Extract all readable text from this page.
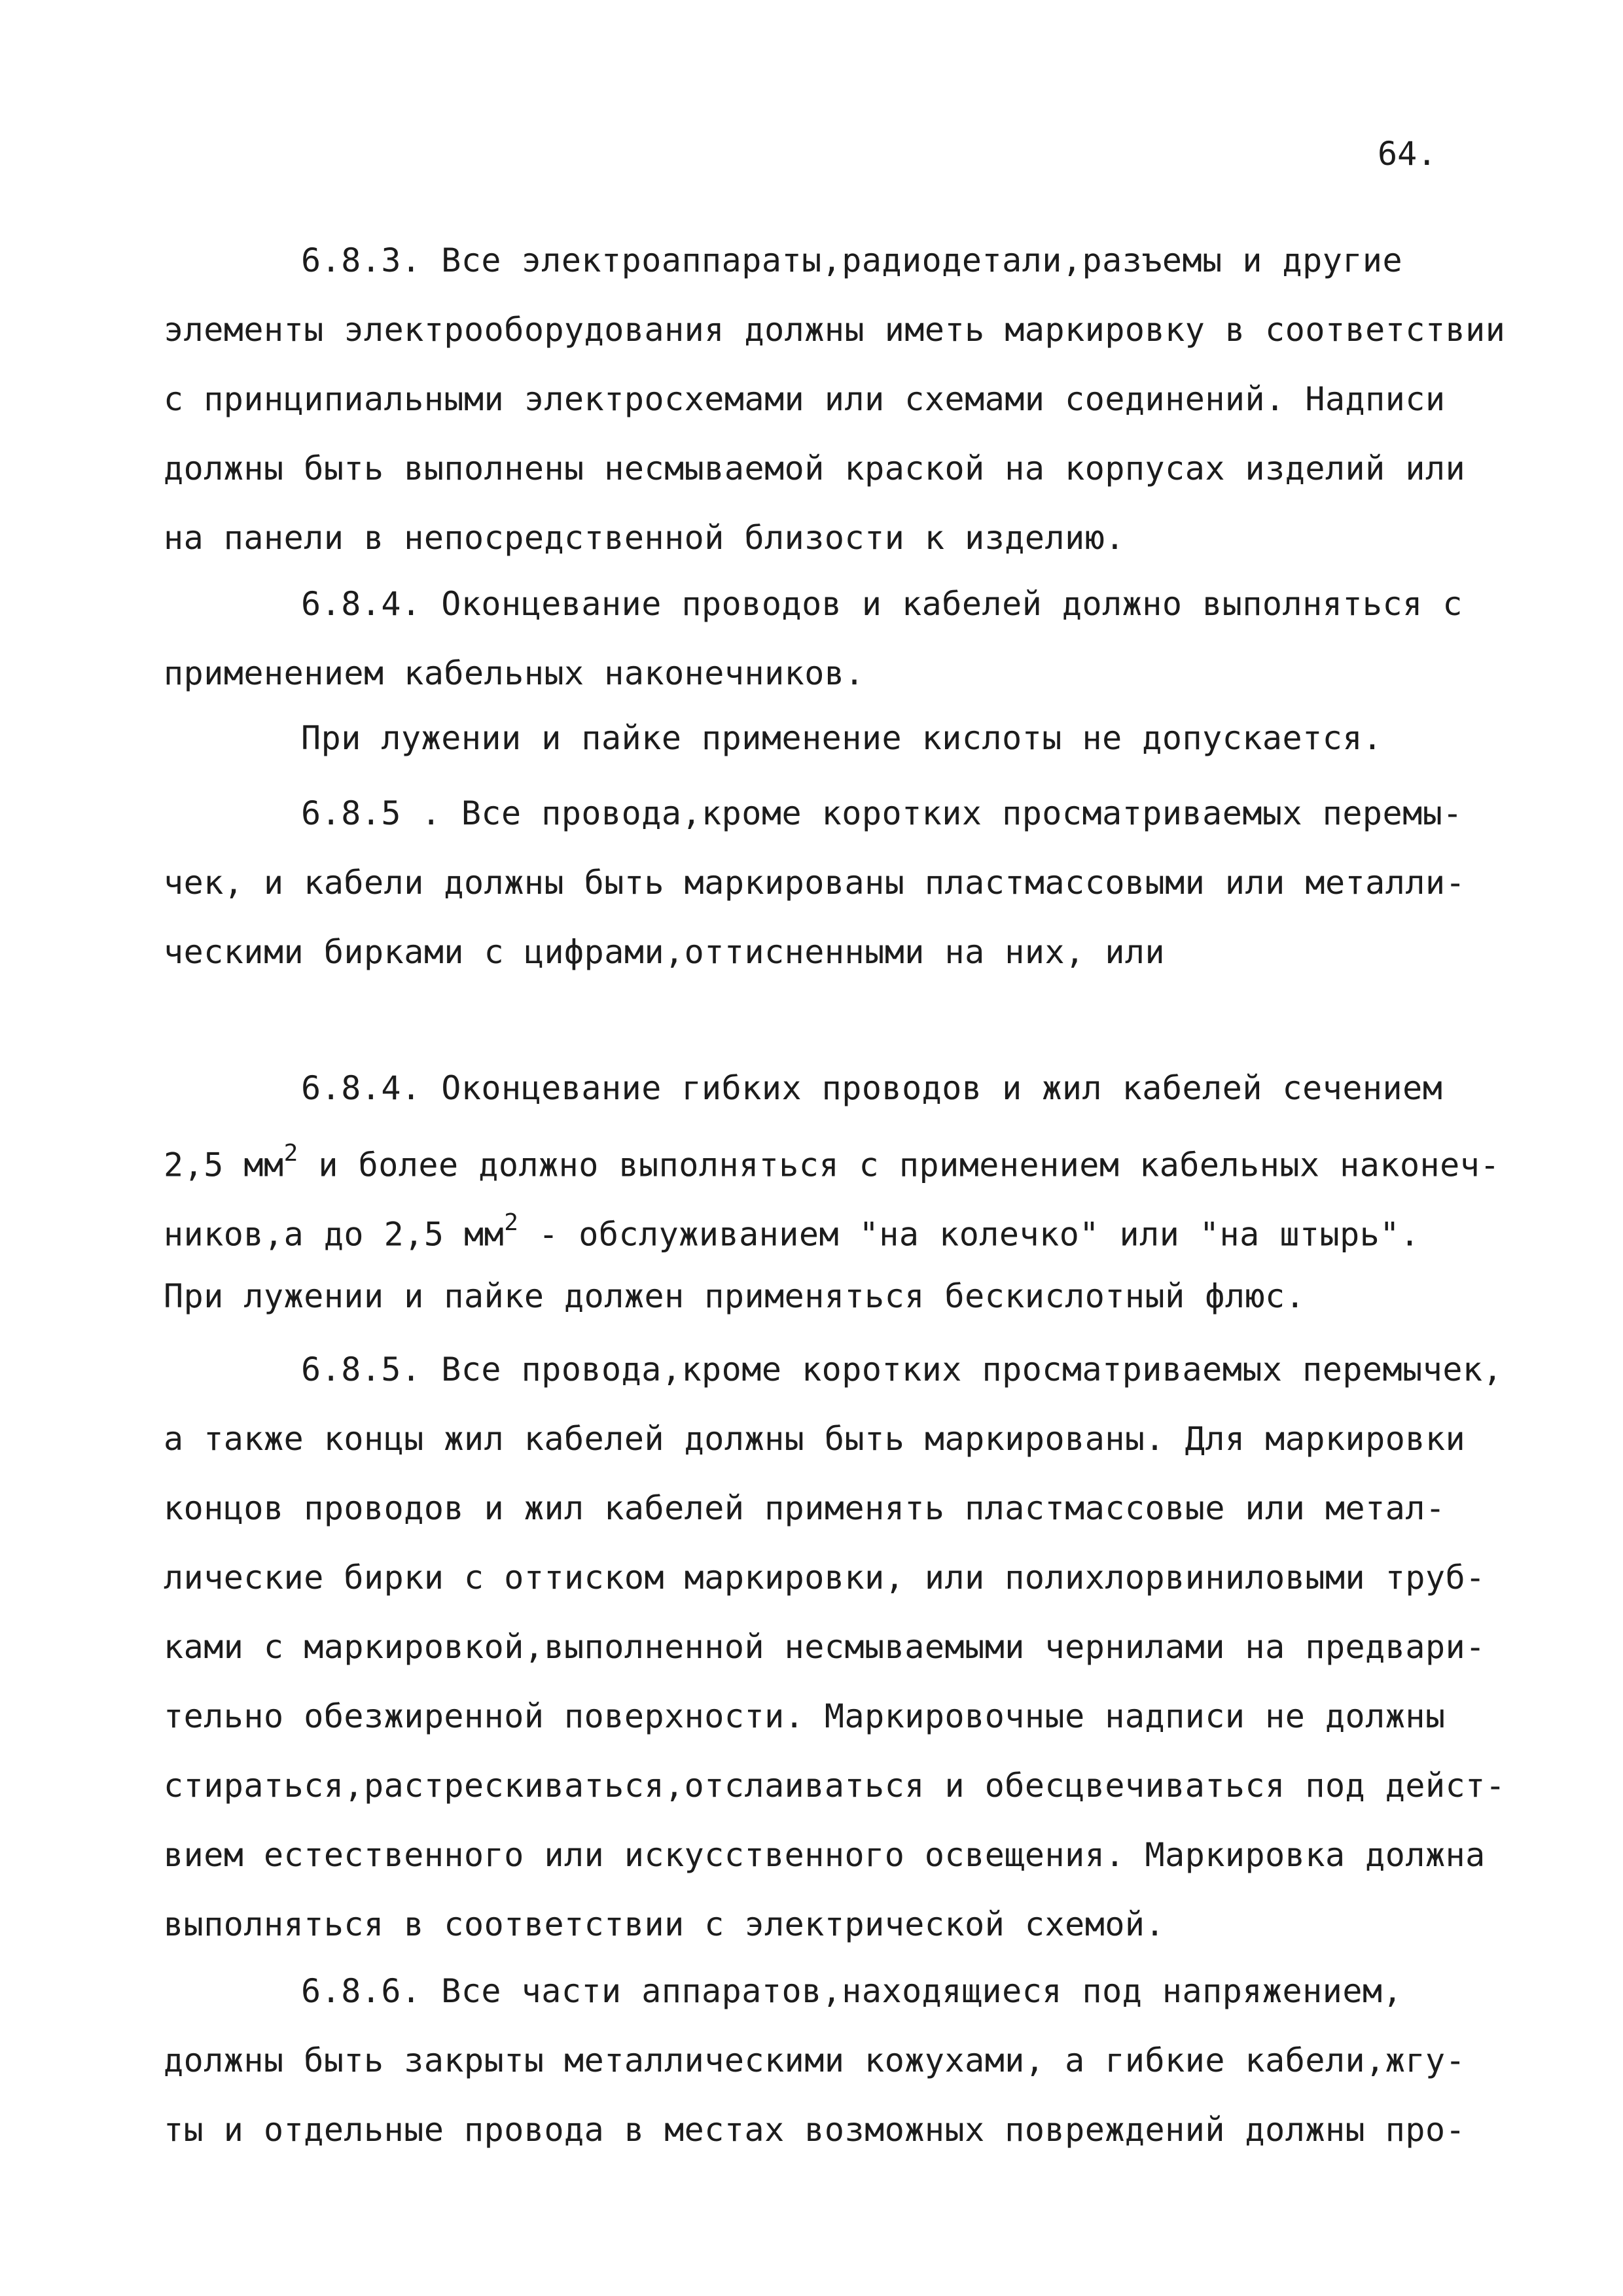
64.
6.8.3. Все электроаппараты,радиодетали,разъемы и другие
элементы электрооборудования должны иметь маркировку в соответствии
с принципиальными электросхемами или схемами соединений. Надписи
должны быть выполнены несмываемой краской на корпусах изделий или
на панели в непосредственной близости к изделию.
6.8.4. Оконцевание проводов и кабелей должно выполняться с
применением кабельных наконечников.
При лужении и пайке применение кислоты не допускается.
6.8.5 . Все провода,кроме коротких просматриваемых перемы-
чек, и кабели должны быть маркированы пластмассовыми или металли-
ческими бирками с цифрами,оттисненными на них, или
6.8.4. Оконцевание гибких проводов и жил кабелей сечением
2,5 $мм^2$ и более должно выполняться с применением кабельных наконеч-
ников,а до 2,5 $мм^2$ - обслуживанием "на колечко" или "на штырь".
При лужении и пайке должен применяться бескислотный флюс.
6.8.5. Все провода,кроме коротких просматриваемых перемычек,
а также концы жил кабелей должны быть маркированы. Для маркировки
концов проводов и жил кабелей применять пластмассовые или метал-
лические бирки с оттиском маркировки, или полихлорвиниловыми труб-
ками с маркировкой,выполненной несмываемыми чернилами на предвари-
тельно обезжиренной поверхности. Маркировочные надписи не должны
стираться,растрескиваться,отслаиваться и обесцвечиваться под дейст-
вием естественного или искусственного освещения. Маркировка должна
выполняться в соответствии с электрической схемой.
6.8.6. Все части аппаратов,находящиеся под напряжением,
должны быть закрыты металлическими кожухами, а гибкие кабели,жгу-
ты и отдельные провода в местах возможных повреждений должны про-
